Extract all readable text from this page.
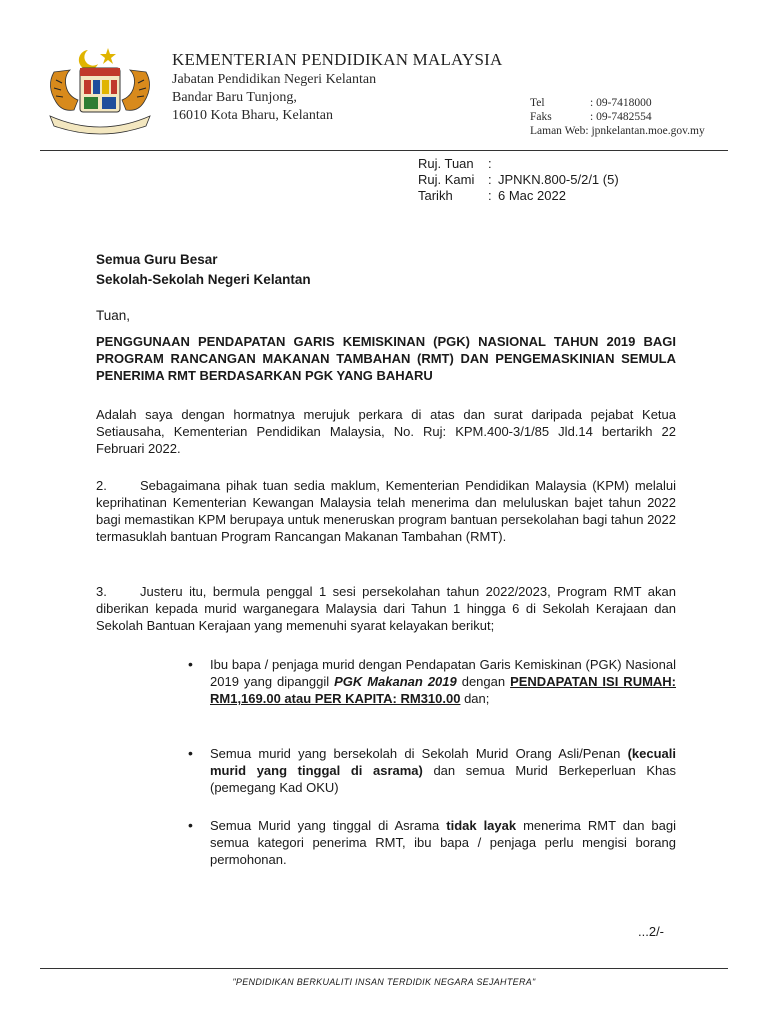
KEMENTERIAN PENDIDIKAN MALAYSIA
Jabatan Pendidikan Negeri Kelantan
Bandar Baru Tunjong,
16010 Kota Bharu, Kelantan
Tel	: 09-7418000
Faks	: 09-7482554
Laman Web: jpnkelantan.moe.gov.my
Ruj. Tuan	:
Ruj. Kami	: JPNKN.800-5/2/1 (5)
Tarikh	: 6 Mac 2022
Semua Guru Besar
Sekolah-Sekolah Negeri Kelantan
Tuan,
PENGGUNAAN PENDAPATAN GARIS KEMISKINAN (PGK) NASIONAL TAHUN 2019 BAGI PROGRAM RANCANGAN MAKANAN TAMBAHAN (RMT) DAN PENGEMASKINIAN SEMULA PENERIMA RMT BERDASARKAN PGK YANG BAHARU
Adalah saya dengan hormatnya merujuk perkara di atas dan surat daripada pejabat Ketua Setiausaha, Kementerian Pendidikan Malaysia, No. Ruj: KPM.400-3/1/85 Jld.14 bertarikh 22 Februari 2022.
2.	Sebagaimana pihak tuan sedia maklum, Kementerian Pendidikan Malaysia (KPM) melalui keprihatinan Kementerian Kewangan Malaysia telah menerima dan meluluskan bajet tahun 2022 bagi memastikan KPM berupaya untuk meneruskan program bantuan persekolahan bagi tahun 2022 termasuklah bantuan Program Rancangan Makanan Tambahan (RMT).
3.	Justeru itu, bermula penggal 1 sesi persekolahan tahun 2022/2023, Program RMT akan diberikan kepada murid warganegara Malaysia dari Tahun 1 hingga 6 di Sekolah Kerajaan dan Sekolah Bantuan Kerajaan yang memenuhi syarat kelayakan berikut;
• Ibu bapa / penjaga murid dengan Pendapatan Garis Kemiskinan (PGK) Nasional 2019 yang dipanggil PGK Makanan 2019 dengan PENDAPATAN ISI RUMAH: RM1,169.00 atau PER KAPITA: RM310.00 dan;
• Semua murid yang bersekolah di Sekolah Murid Orang Asli/Penan (kecuali murid yang tinggal di asrama) dan semua Murid Berkeperluan Khas (pemegang Kad OKU)
• Semua Murid yang tinggal di Asrama tidak layak menerima RMT dan bagi semua kategori penerima RMT, ibu bapa / penjaga perlu mengisi borang permohonan.
...2/-
"PENDIDIKAN BERKUALITI INSAN TERDIDIK NEGARA SEJAHTERA"
